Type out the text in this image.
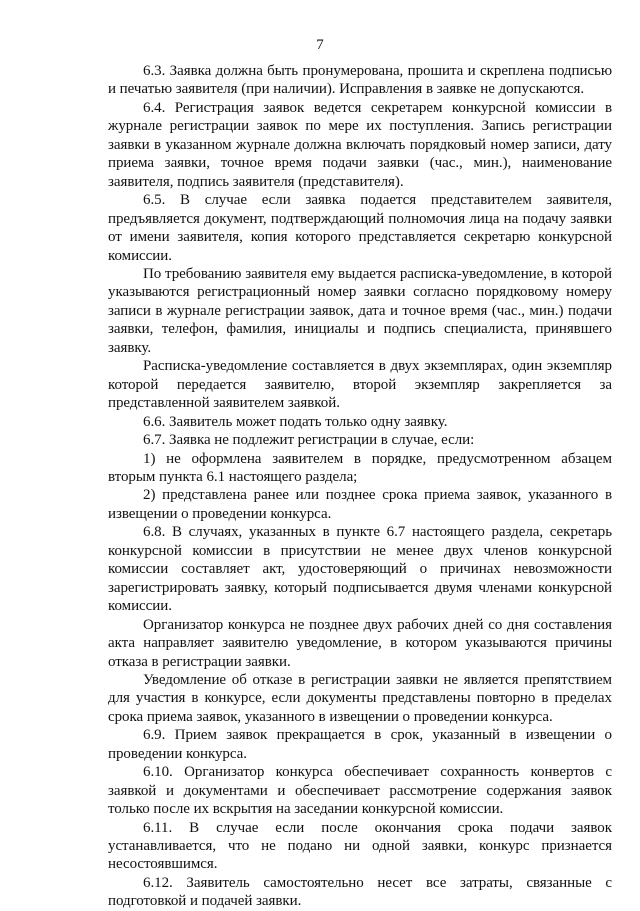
7

6.3. Заявка должна быть пронумерована, прошита и скреплена подписью и печатью заявителя (при наличии). Исправления в заявке не допускаются.

6.4. Регистрация заявок ведется секретарем конкурсной комиссии в журнале регистрации заявок по мере их поступления. Запись регистрации заявки в указанном журнале должна включать порядковый номер записи, дату приема заявки, точное время подачи заявки (час., мин.), наименование заявителя, подпись заявителя (представителя).

6.5. В случае если заявка подается представителем заявителя, предъявляется документ, подтверждающий полномочия лица на подачу заявки от имени заявителя, копия которого представляется секретарю конкурсной комиссии.

По требованию заявителя ему выдается расписка-уведомление, в которой указываются регистрационный номер заявки согласно порядковому номеру записи в журнале регистрации заявок, дата и точное время (час., мин.) подачи заявки, телефон, фамилия, инициалы и подпись специалиста, принявшего заявку.

Расписка-уведомление составляется в двух экземплярах, один экземпляр которой передается заявителю, второй экземпляр закрепляется за представленной заявителем заявкой.

6.6. Заявитель может подать только одну заявку.

6.7. Заявка не подлежит регистрации в случае, если:

1) не оформлена заявителем в порядке, предусмотренном абзацем вторым пункта 6.1 настоящего раздела;

2) представлена ранее или позднее срока приема заявок, указанного в извещении о проведении конкурса.

6.8. В случаях, указанных в пункте 6.7 настоящего раздела, секретарь конкурсной комиссии в присутствии не менее двух членов конкурсной комиссии составляет акт, удостоверяющий о причинах невозможности зарегистрировать заявку, который подписывается двумя членами конкурсной комиссии.

Организатор конкурса не позднее двух рабочих дней со дня составления акта направляет заявителю уведомление, в котором указываются причины отказа в регистрации заявки.

Уведомление об отказе в регистрации заявки не является препятствием для участия в конкурсе, если документы представлены повторно в пределах срока приема заявок, указанного в извещении о проведении конкурса.

6.9. Прием заявок прекращается в срок, указанный в извещении о проведении конкурса.

6.10. Организатор конкурса обеспечивает сохранность конвертов с заявкой и документами и обеспечивает рассмотрение содержания заявок только после их вскрытия на заседании конкурсной комиссии.

6.11. В случае если после окончания срока подачи заявок устанавливается, что не подано ни одной заявки, конкурс признается несостоявшимся.

6.12. Заявитель самостоятельно несет все затраты, связанные с подготовкой и подачей заявки.
